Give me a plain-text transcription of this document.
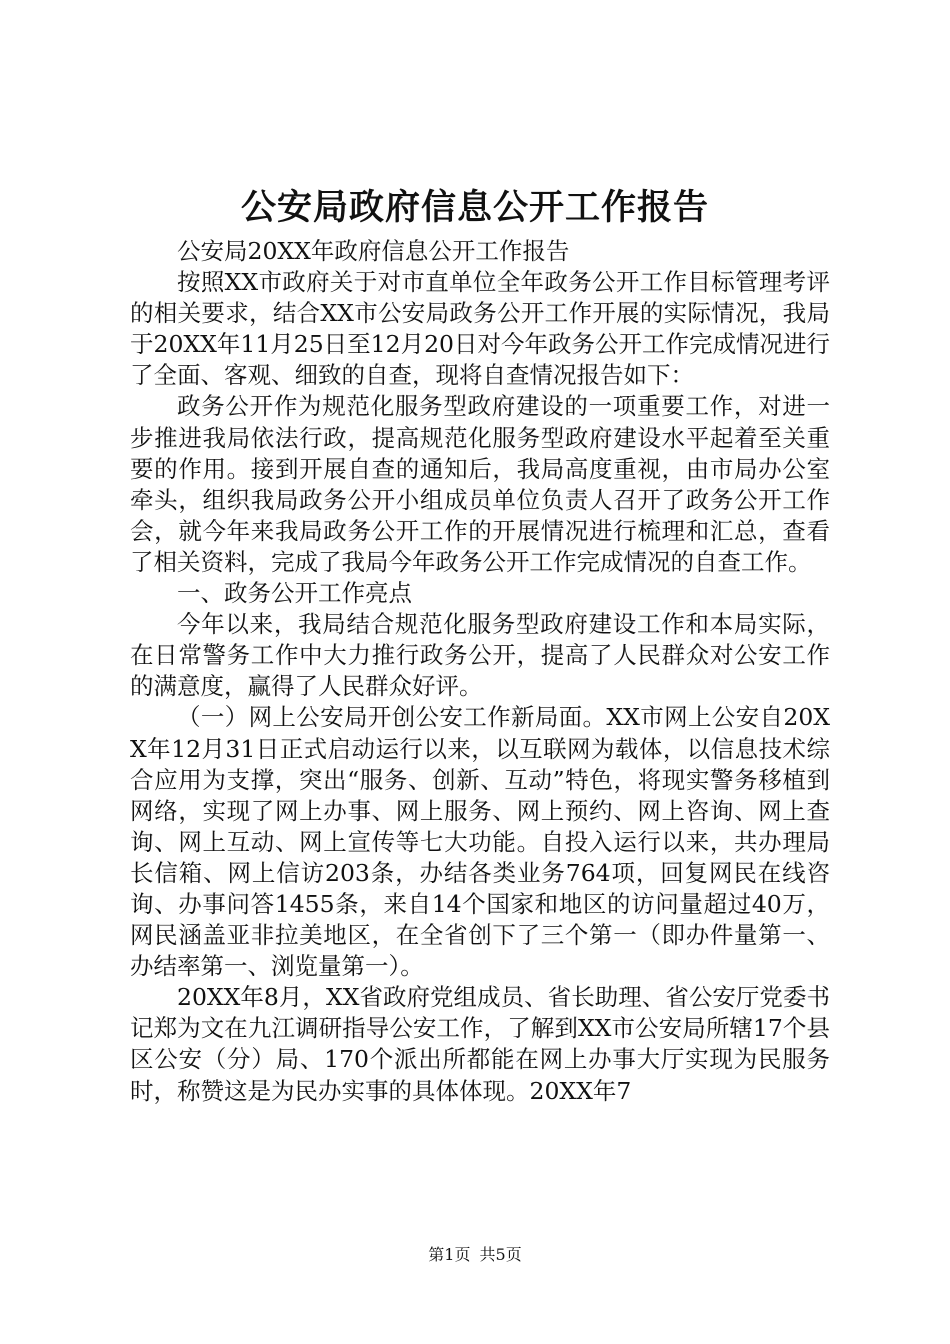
公安局政府信息公开工作报告

公安局20XX年政府信息公开工作报告

按照XX市政府关于对市直单位全年政务公开工作目标管理考评的相关要求，结合XX市公安局政务公开工作开展的实际情况，我局于20XX年11月25日至12月20日对今年政务公开工作完成情况进行了全面、客观、细致的自查，现将自查情况报告如下：

政务公开作为规范化服务型政府建设的一项重要工作，对进一步推进我局依法行政，提高规范化服务型政府建设水平起着至关重要的作用。接到开展自查的通知后，我局高度重视，由市局办公室牵头，组织我局政务公开小组成员单位负责人召开了政务公开工作会，就今年来我局政务公开工作的开展情况进行梳理和汇总，查看了相关资料，完成了我局今年政务公开工作完成情况的自查工作。

一、政务公开工作亮点

今年以来，我局结合规范化服务型政府建设工作和本局实际，在日常警务工作中大力推行政务公开，提高了人民群众对公安工作的满意度，赢得了人民群众好评。

（一）网上公安局开创公安工作新局面。XX市网上公安自20XX年12月31日正式启动运行以来，以互联网为载体，以信息技术综合应用为支撑，突出“服务、创新、互动”特色，将现实警务移植到网络，实现了网上办事、网上服务、网上预约、网上咨询、网上查询、网上互动、网上宣传等七大功能。自投入运行以来，共办理局长信箱、网上信访203条，办结各类业务764项，回复网民在线咨询、办事问答1455条，来自14个国家和地区的访问量超过40万，网民涵盖亚非拉美地区，在全省创下了三个第一（即办件量第一、办结率第一、浏览量第一）。

20XX年8月，XX省政府党组成员、省长助理、省公安厅党委书记郑为文在九江调研指导公安工作，了解到XX市公安局所辖17个县区公安（分）局、170个派出所都能在网上办事大厅实现为民服务时，称赞这是为民办实事的具体体现。20XX年7

第1页 共5页
